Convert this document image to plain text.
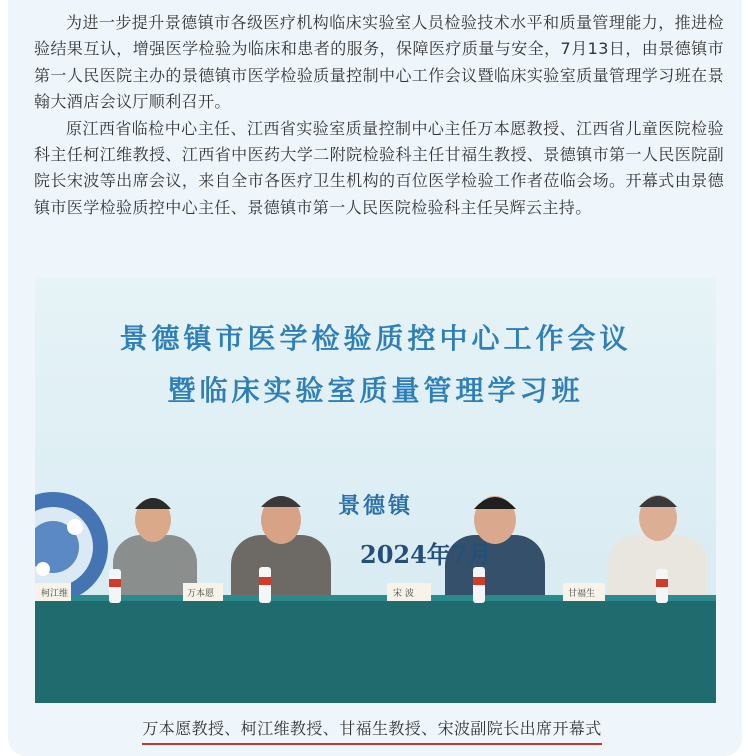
为进一步提升景德镇市各级医疗机构临床实验室人员检验技术水平和质量管理能力，推进检验结果互认，增强医学检验为临床和患者的服务，保障医疗质量与安全，7月13日，由景德镇市第一人民医院主办的景德镇市医学检验质量控制中心工作会议暨临床实验室质量管理学习班在景翰大酒店会议厅顺利召开。

原江西省临检中心主任、江西省实验室质量控制中心主任万本愿教授、江西省儿童医院检验科主任柯江维教授、江西省中医药大学二附院检验科主任甘福生教授、景德镇市第一人民医院副院长宋波等出席会议，来自全市各医疗卫生机构的百位医学检验工作者莅临会场。开幕式由景德镇市医学检验质控中心主任、景德镇市第一人民医院检验科主任吴辉云主持。

柯江维	万本愿	宋 波	甘福生
景德镇市医学检验质控中心工作会议
暨临床实验室质量管理学习班
景德镇
2024年7月
万本愿教授、柯江维教授、甘福生教授、宋波副院长出席开幕式
